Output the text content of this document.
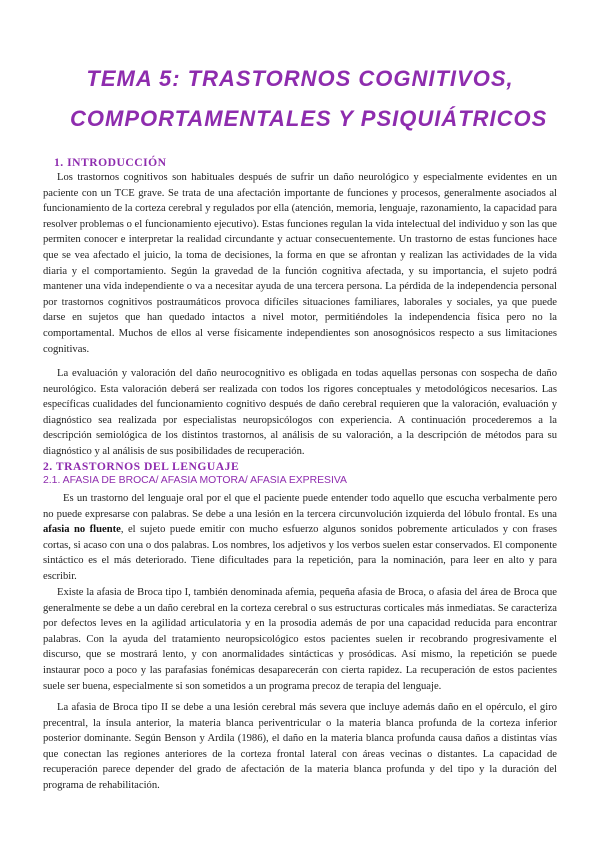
TEMA 5: TRASTORNOS COGNITIVOS,
COMPORTAMENTALES Y PSIQUIÁTRICOS
1. INTRODUCCIÓN

Los trastornos cognitivos son habituales después de sufrir un daño neurológico y especialmente evidentes en un paciente con un TCE grave. Se trata de una afectación importante de funciones y procesos, generalmente asociados al funcionamiento de la corteza cerebral y regulados por ella (atención, memoria, lenguaje, razonamiento, la capacidad para resolver problemas o el funcionamiento ejecutivo). Estas funciones regulan la vida intelectual del individuo y son las que permiten conocer e interpretar la realidad circundante y actuar consecuentemente. Un trastorno de estas funciones hace que se vea afectado el juicio, la toma de decisiones, la forma en que se afrontan y realizan las actividades de la vida diaria y el comportamiento. Según la gravedad de la función cognitiva afectada, y su importancia, el sujeto podrá mantener una vida independiente o va a necesitar ayuda de una tercera persona. La pérdida de la independencia personal por trastornos cognitivos postraumáticos provoca difíciles situaciones familiares, laborales y sociales, ya que puede darse en sujetos que han quedado intactos a nivel motor, permitiéndoles la independencia física pero no la comportamental. Muchos de ellos al verse físicamente independientes son anosognósicos respecto a sus limitaciones cognitivas.

La evaluación y valoración del daño neurocognitivo es obligada en todas aquellas personas con sospecha de daño neurológico. Esta valoración deberá ser realizada con todos los rigores conceptuales y metodológicos necesarios. Las específicas cualidades del funcionamiento cognitivo después de daño cerebral requieren que la valoración, evaluación y diagnóstico sea realizada por especialistas neuropsicólogos con experiencia. A continuación procederemos a la descripción semiológica de los distintos trastornos, al análisis de su valoración, a la descripción de métodos para su diagnóstico y al análisis de sus posibilidades de recuperación.

2. TRASTORNOS DEL LENGUAJE
2.1. AFASIA DE BROCA/ AFASIA MOTORA/ AFASIA EXPRESIVA

Es un trastorno del lenguaje oral por el que el paciente puede entender todo aquello que escucha verbalmente pero no puede expresarse con palabras. Se debe a una lesión en la tercera circunvolución izquierda del lóbulo frontal. Es una afasia no fluente, el sujeto puede emitir con mucho esfuerzo algunos sonidos pobremente articulados y con frases cortas, si acaso con una o dos palabras. Los nombres, los adjetivos y los verbos suelen estar conservados. El componente sintáctico es el más deteriorado. Tiene dificultades para la repetición, para la nominación, para leer en alto y para escribir.

Existe la afasia de Broca tipo I, también denominada afemia, pequeña afasia de Broca, o afasia del área de Broca que generalmente se debe a un daño cerebral en la corteza cerebral o sus estructuras corticales más inmediatas. Se caracteriza por defectos leves en la agilidad articulatoria y en la prosodia además de por una capacidad reducida para encontrar palabras. Con la ayuda del tratamiento neuropsicológico estos pacientes suelen ir recobrando progresivamente el discurso, que se mostrará lento, y con anormalidades sintácticas y prosódicas. Así mismo, la repetición se puede instaurar poco a poco y las parafasias fonémicas desaparecerán con cierta rapidez. La recuperación de estos pacientes suele ser buena, especialmente si son sometidos a un programa precoz de terapia del lenguaje.

La afasia de Broca tipo II se debe a una lesión cerebral más severa que incluye además daño en el opérculo, el giro precentral, la ínsula anterior, la materia blanca periventricular o la materia blanca profunda de la corteza inferior posterior dominante. Según Benson y Ardila (1986), el daño en la materia blanca profunda causa daños a distintas vías que conectan las regiones anteriores de la corteza frontal lateral con áreas vecinas o distantes. La capacidad de recuperación parece depender del grado de afectación de la materia blanca profunda y del tipo y la duración del programa de rehabilitación.
